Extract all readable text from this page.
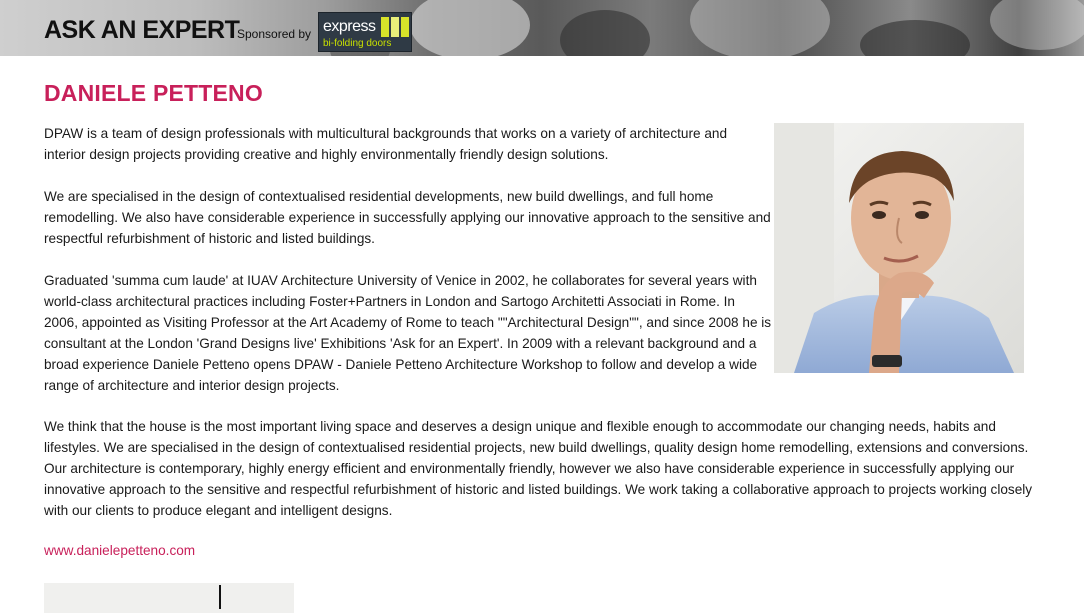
ASK AN EXPERT
Sponsored by express
bi-folding doors
DANIELE PETTENO

DPAW is a team of design professionals with multicultural backgrounds that works on a variety of architecture and interior design projects providing creative and highly environmentally friendly design solutions.

We are specialised in the design of contextualised residential developments, new build dwellings, and full home remodelling. We also have considerable experience in successfully applying our innovative approach to the sensitive and respectful refurbishment of historic and listed buildings.

Graduated 'summa cum laude' at IUAV Architecture University of Venice in 2002, he collaborates for several years with world-class architectural practices including Foster+Partners in London and Sartogo Architetti Associati in Rome. In 2006, appointed as Visiting Professor at the Art Academy of Rome to teach ""Architectural Design"", and since 2008 he is consultant at the London 'Grand Designs live' Exhibitions 'Ask for an Expert'. In 2009 with a relevant background and a broad experience Daniele Petteno opens DPAW - Daniele Petteno Architecture Workshop to follow and develop a wide range of architecture and interior design projects.

We think that the house is the most important living space and deserves a design unique and flexible enough to accommodate our changing needs, habits and lifestyles. We are specialised in the design of contextualised residential projects, new build dwellings, quality design home remodelling, extensions and conversions. Our architecture is contemporary, highly energy efficient and environmentally friendly, however we also have considerable experience in successfully applying our innovative approach to the sensitive and respectful refurbishment of historic and listed buildings. We work taking a collaborative approach to projects working closely with our clients to produce elegant and intelligent designs.

www.danielepetteno.com
